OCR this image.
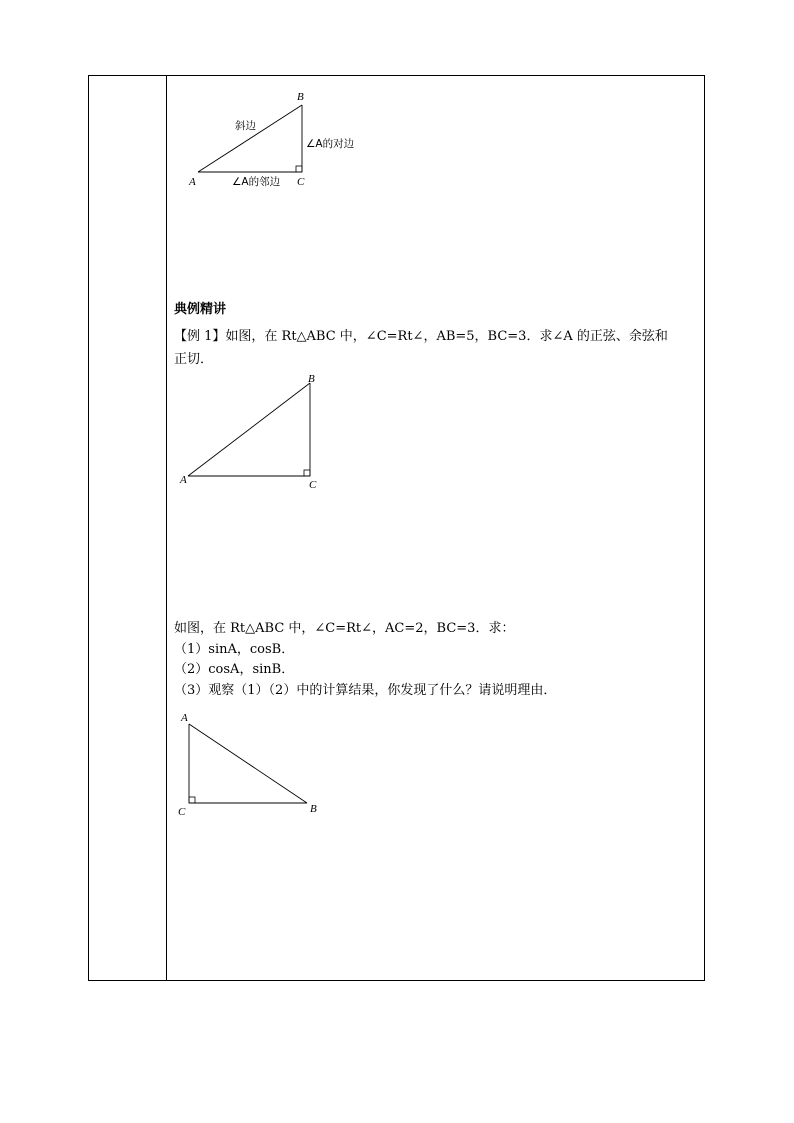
A
B
C
斜边
∠A的对边
∠A的邻边
典例精讲
【例 1】如图，在 Rt△ABC 中，∠C=Rt∠，AB=5，BC=3．求∠A 的正弦、余弦和
正切．
A
B
C
如图，在 Rt△ABC 中，∠C=Rt∠，AC=2，BC=3．求：
（1）sinA，cosB．
（2）cosA，sinB．
（3）观察（1）（2）中的计算结果，你发现了什么？请说明理由．
A
B
C
